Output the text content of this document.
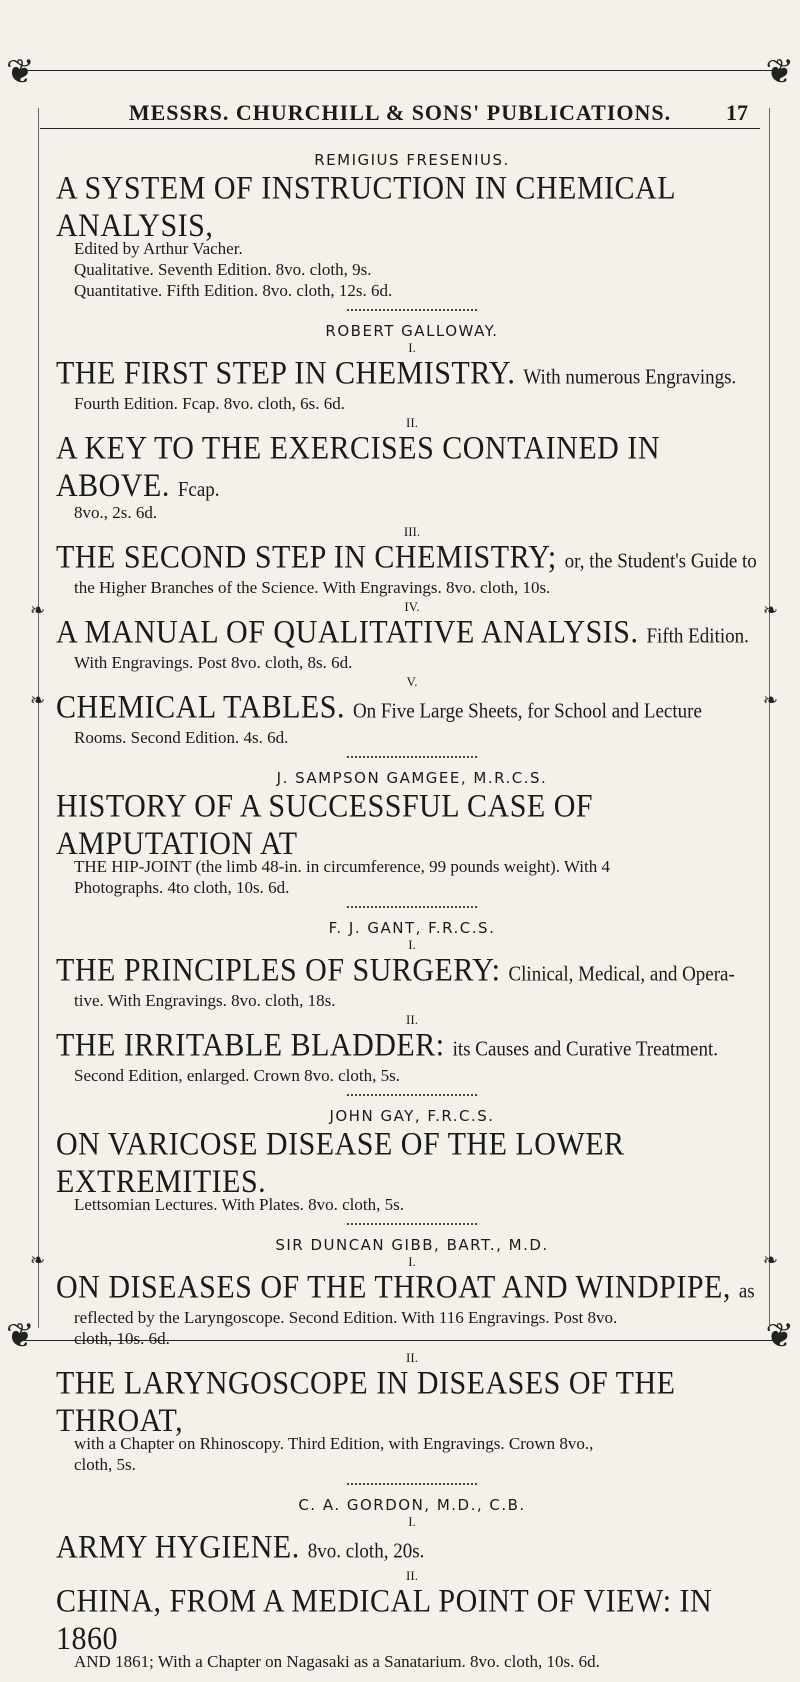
❦	❦
❦	❦
❧	❧
❧	❧
❧	❧
MESSRS. CHURCHILL & SONS' PUBLICATIONS.	17

REMIGIUS FRESENIUS.

A SYSTEM OF INSTRUCTION IN CHEMICAL ANALYSIS,

Edited by Arthur Vacher.

Qualitative. Seventh Edition. 8vo. cloth, 9s.

Quantitative. Fifth Edition. 8vo. cloth, 12s. 6d.

ROBERT GALLOWAY.

I.

THE FIRST STEP IN CHEMISTRY. With numerous Engravings.

Fourth Edition. Fcap. 8vo. cloth, 6s. 6d.

II.

A KEY TO THE EXERCISES CONTAINED IN ABOVE. Fcap.

8vo., 2s. 6d.

III.

THE SECOND STEP IN CHEMISTRY; or, the Student's Guide to

the Higher Branches of the Science. With Engravings. 8vo. cloth, 10s.

IV.

A MANUAL OF QUALITATIVE ANALYSIS. Fifth Edition.

With Engravings. Post 8vo. cloth, 8s. 6d.

V.

CHEMICAL TABLES. On Five Large Sheets, for School and Lecture

Rooms. Second Edition. 4s. 6d.

J. SAMPSON GAMGEE, M.R.C.S.

HISTORY OF A SUCCESSFUL CASE OF AMPUTATION AT

THE HIP-JOINT (the limb 48-in. in circumference, 99 pounds weight). With 4

Photographs. 4to cloth, 10s. 6d.

F. J. GANT, F.R.C.S.

I.

THE PRINCIPLES OF SURGERY: Clinical, Medical, and Opera-

tive. With Engravings. 8vo. cloth, 18s.

II.

THE IRRITABLE BLADDER: its Causes and Curative Treatment.

Second Edition, enlarged. Crown 8vo. cloth, 5s.

JOHN GAY, F.R.C.S.

ON VARICOSE DISEASE OF THE LOWER EXTREMITIES.

Lettsomian Lectures. With Plates. 8vo. cloth, 5s.

SIR DUNCAN GIBB, BART., M.D.

I.

ON DISEASES OF THE THROAT AND WINDPIPE, as

reflected by the Laryngoscope. Second Edition. With 116 Engravings. Post 8vo.

cloth, 10s. 6d.

II.

THE LARYNGOSCOPE IN DISEASES OF THE THROAT,

with a Chapter on Rhinoscopy. Third Edition, with Engravings. Crown 8vo.,

cloth, 5s.

C. A. GORDON, M.D., C.B.

I.

ARMY HYGIENE. 8vo. cloth, 20s.

II.

CHINA, FROM A MEDICAL POINT OF VIEW: IN 1860

AND 1861; With a Chapter on Nagasaki as a Sanatarium. 8vo. cloth, 10s. 6d.
